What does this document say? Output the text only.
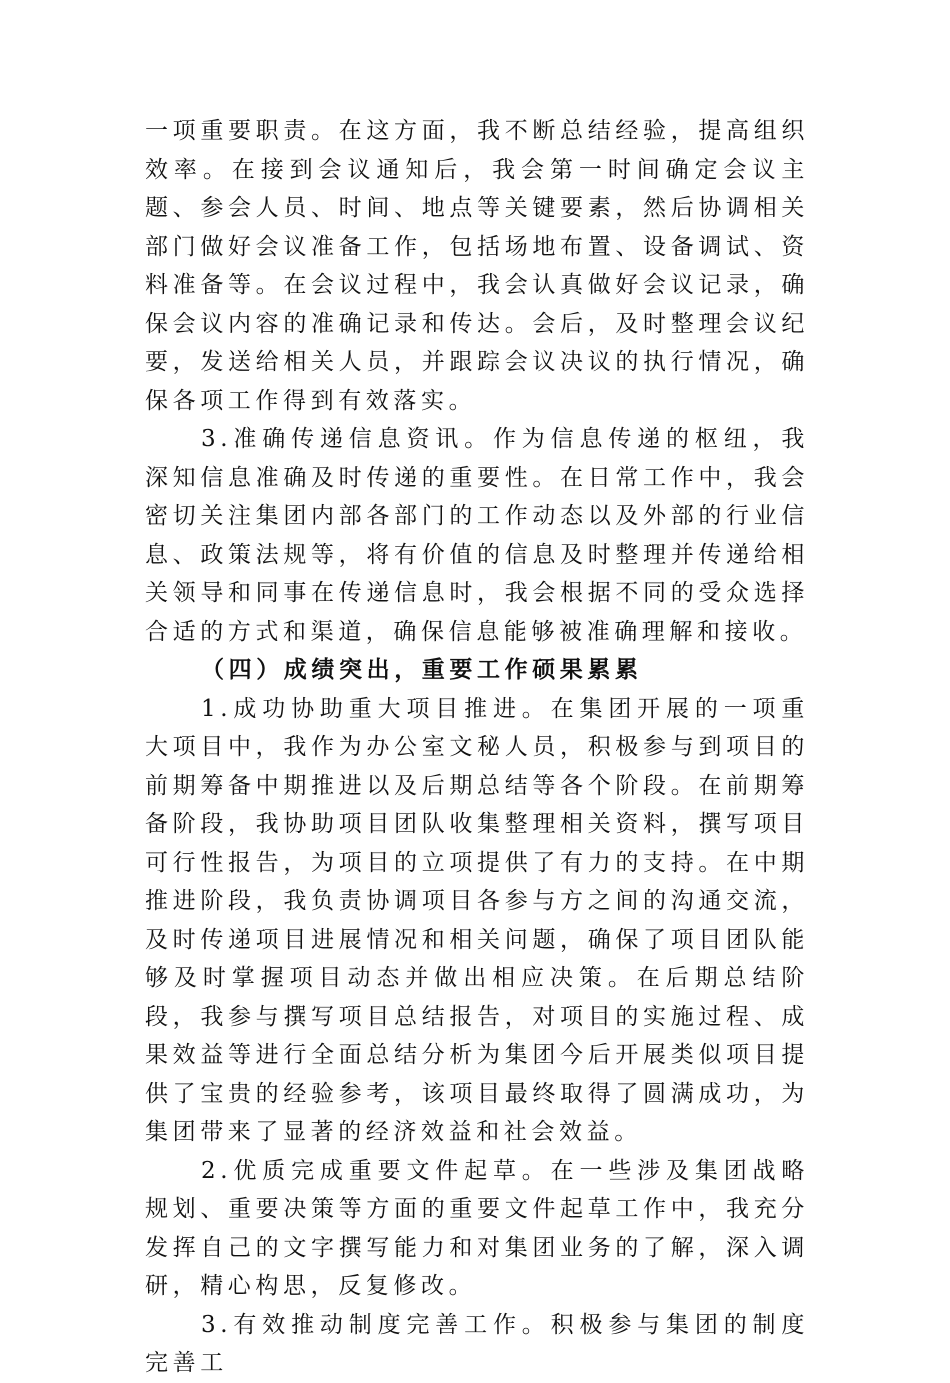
一项重要职责。在这方面，我不断总结经验，提高组织效率。在接到会议通知后，我会第一时间确定会议主题、参会人员、时间、地点等关键要素，然后协调相关部门做好会议准备工作，包括场地布置、设备调试、资料准备等。在会议过程中，我会认真做好会议记录，确保会议内容的准确记录和传达。会后，及时整理会议纪要，发送给相关人员，并跟踪会议决议的执行情况，确保各项工作得到有效落实。

3.准确传递信息资讯。作为信息传递的枢纽，我深知信息准确及时传递的重要性。在日常工作中，我会密切关注集团内部各部门的工作动态以及外部的行业信息、政策法规等，将有价值的信息及时整理并传递给相关领导和同事在传递信息时，我会根据不同的受众选择合适的方式和渠道，确保信息能够被准确理解和接收。

（四）成绩突出，重要工作硕果累累

1.成功协助重大项目推进。在集团开展的一项重大项目中，我作为办公室文秘人员，积极参与到项目的前期筹备中期推进以及后期总结等各个阶段。在前期筹备阶段，我协助项目团队收集整理相关资料，撰写项目可行性报告，为项目的立项提供了有力的支持。在中期推进阶段，我负责协调项目各参与方之间的沟通交流，及时传递项目进展情况和相关问题，确保了项目团队能够及时掌握项目动态并做出相应决策。在后期总结阶段，我参与撰写项目总结报告，对项目的实施过程、成果效益等进行全面总结分析为集团今后开展类似项目提供了宝贵的经验参考，该项目最终取得了圆满成功，为集团带来了显著的经济效益和社会效益。

2.优质完成重要文件起草。在一些涉及集团战略规划、重要决策等方面的重要文件起草工作中，我充分发挥自己的文字撰写能力和对集团业务的了解，深入调研，精心构思，反复修改。

3.有效推动制度完善工作。积极参与集团的制度完善工
